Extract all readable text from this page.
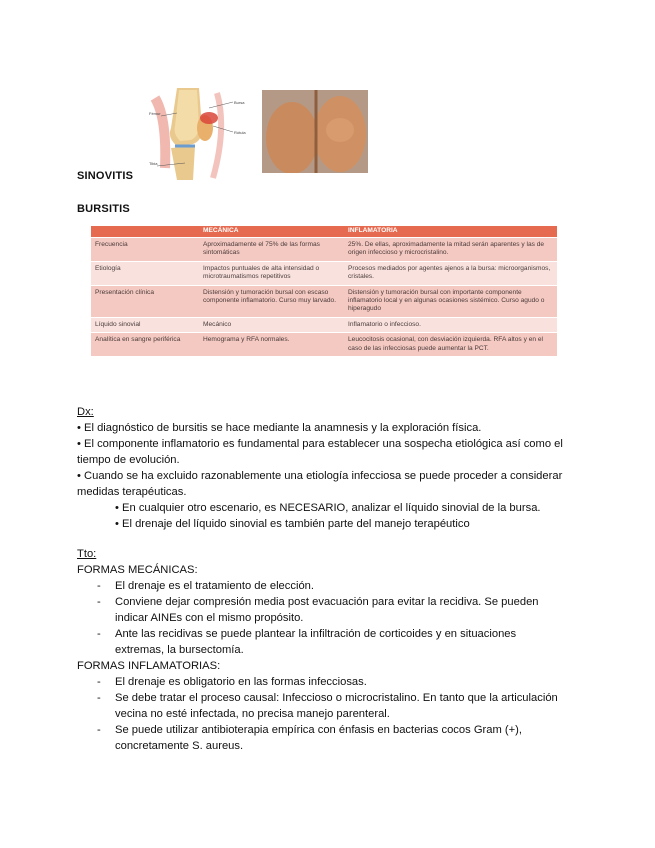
Bursa
Fémur
Rótula
Tibia
SINOVITIS
BURSITIS
	MECÁNICA	INFLAMATORIA
Frecuencia	Aproximadamente el 75% de las formas sintomáticas	25%. De ellas, aproximadamente la mitad serán aparentes y las de origen infeccioso y microcristalino.
Etiología	Impactos puntuales de alta intensidad o microtraumatismos repetitivos	Procesos mediados por agentes ajenos a la bursa: microorganismos, cristales.
Presentación clínica	Distensión y tumoración bursal con escaso componente inflamatorio. Curso muy larvado.	Distensión y tumoración bursal con importante componente inflamatorio local y en algunas ocasiones sistémico. Curso agudo o hiperagudo
Líquido sinovial	Mecánico	Inflamatorio o infeccioso.
Analítica en sangre periférica	Hemograma y RFA normales.	Leucocitosis ocasional, con desviación izquierda. RFA altos y en el caso de las infecciosas puede aumentar la PCT.
Dx:
• El diagnóstico de bursitis se hace mediante la anamnesis y la exploración física.
• El componente inflamatorio es fundamental para establecer una sospecha etiológica así como el tiempo de evolución.
• Cuando se ha excluido razonablemente una etiología infecciosa se puede proceder a considerar medidas terapéuticas.
• En cualquier otro escenario, es NECESARIO, analizar el líquido sinovial de la bursa.
• El drenaje del líquido sinovial es también parte del manejo terapéutico
Tto:
FORMAS MECÁNICAS:
- El drenaje es el tratamiento de elección.
- Conviene dejar compresión media post evacuación para evitar la recidiva. Se pueden indicar AINEs con el mismo propósito.
- Ante las recidivas se puede plantear la infiltración de corticoides y en situaciones extremas, la bursectomía.
FORMAS INFLAMATORIAS:
- El drenaje es obligatorio en las formas infecciosas.
- Se debe tratar el proceso causal: Infeccioso o microcristalino. En tanto que la articulación vecina no esté infectada, no precisa manejo parenteral.
- Se puede utilizar antibioterapia empírica con énfasis en bacterias cocos Gram (+), concretamente S. aureus.
